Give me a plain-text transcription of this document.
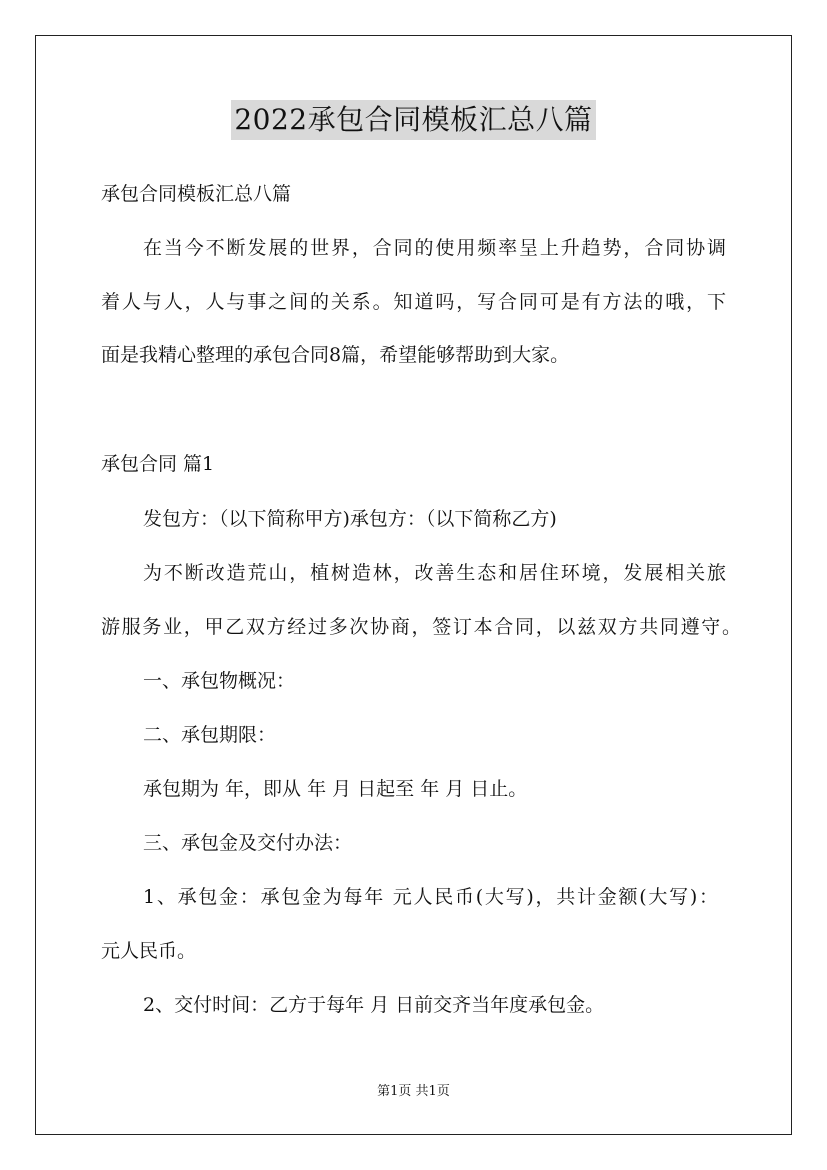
2022承包合同模板汇总八篇
承包合同模板汇总八篇
在当今不断发展的世界，合同的使用频率呈上升趋势，合同协调
着人与人，人与事之间的关系。知道吗，写合同可是有方法的哦，下
面是我精心整理的承包合同8篇，希望能够帮助到大家。
承包合同 篇1
发包方：（以下简称甲方)承包方：（以下简称乙方)
为不断改造荒山，植树造林，改善生态和居住环境，发展相关旅
游服务业，甲乙双方经过多次协商，签订本合同，以兹双方共同遵守。
一、承包物概况：
二、承包期限：
承包期为 年，即从 年 月 日起至 年 月 日止。
三、承包金及交付办法：
1、承包金：承包金为每年 元人民币(大写)，共计金额(大写)：
元人民币。
2、交付时间：乙方于每年 月 日前交齐当年度承包金。
第1页 共1页
